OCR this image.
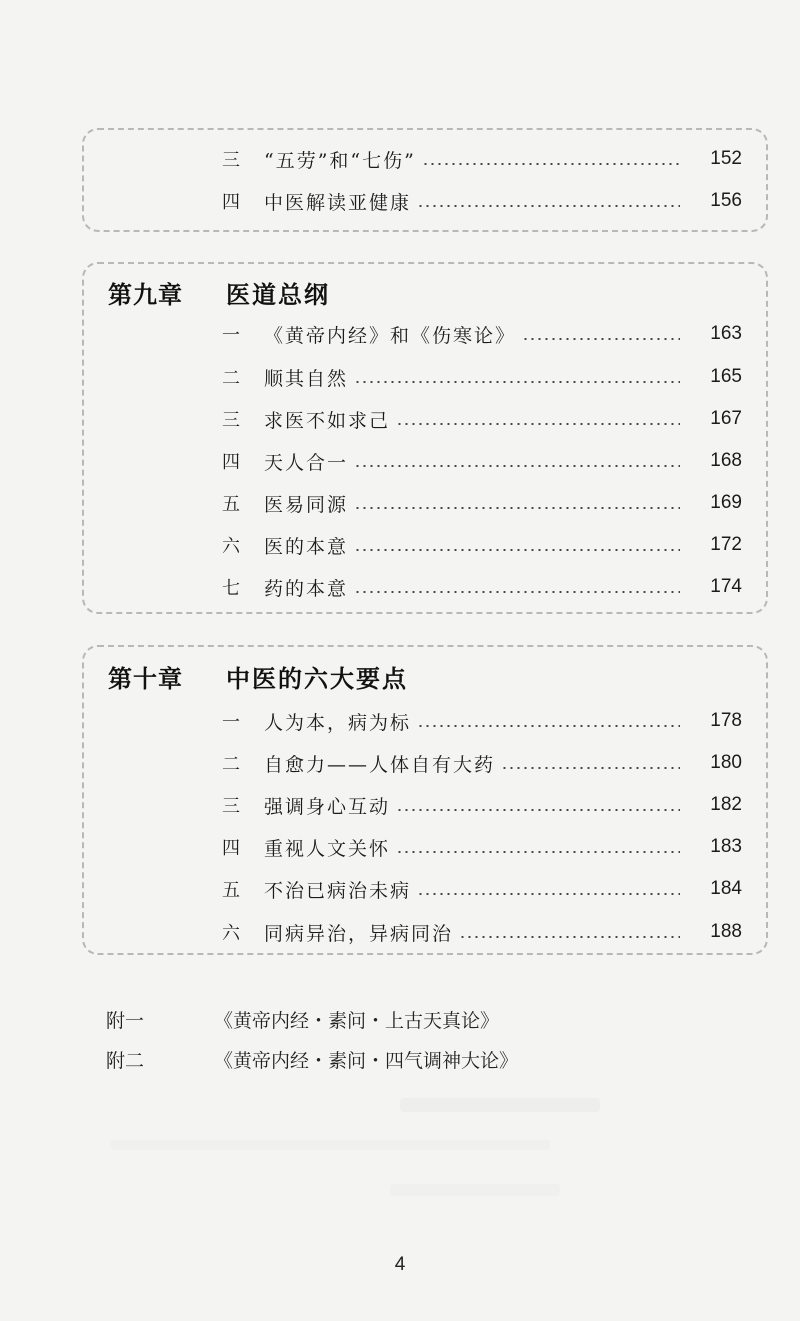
三	“五劳”和“七伤”	152
四	中医解读亚健康	156
第九章	医道总纲
一	《黄帝内经》和《伤寒论》	163
二	顺其自然	165
三	求医不如求己	167
四	天人合一	168
五	医易同源	169
六	医的本意	172
七	药的本意	174
第十章	中医的六大要点
一	人为本，病为标	178
二	自愈力——人体自有大药	180
三	强调身心互动	182
四	重视人文关怀	183
五	不治已病治未病	184
六	同病异治，异病同治	188
附一	《黄帝内经・素问・上古天真论》
附二	《黄帝内经・素问・四气调神大论》
4
